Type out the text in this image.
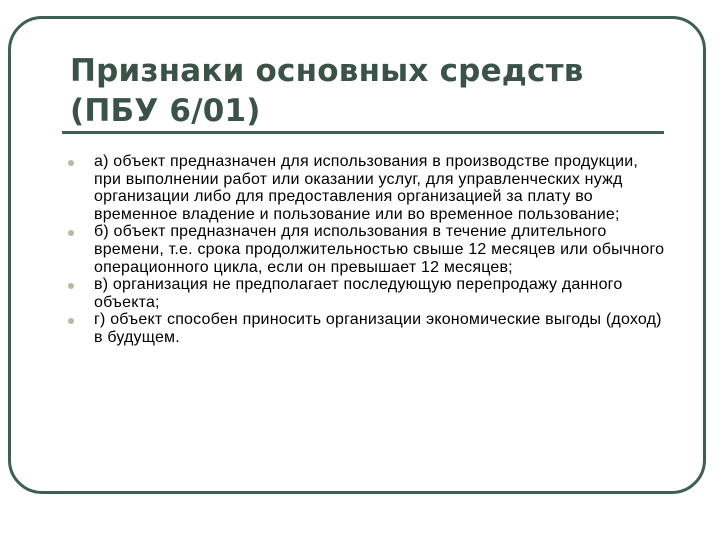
Признаки основных средств (ПБУ 6/01)
а) объект предназначен для использования в производстве продукции, при выполнении работ или оказании услуг, для управленческих нужд организации либо для предоставления организацией за плату во временное владение и пользование или во временное пользование;
б) объект предназначен для использования в течение длительного времени, т.е. срока продолжительностью свыше 12 месяцев или обычного операционного цикла, если он превышает 12 месяцев;
в) организация не предполагает последующую перепродажу данного объекта;
г) объект способен приносить организации экономические выгоды (доход) в будущем.
